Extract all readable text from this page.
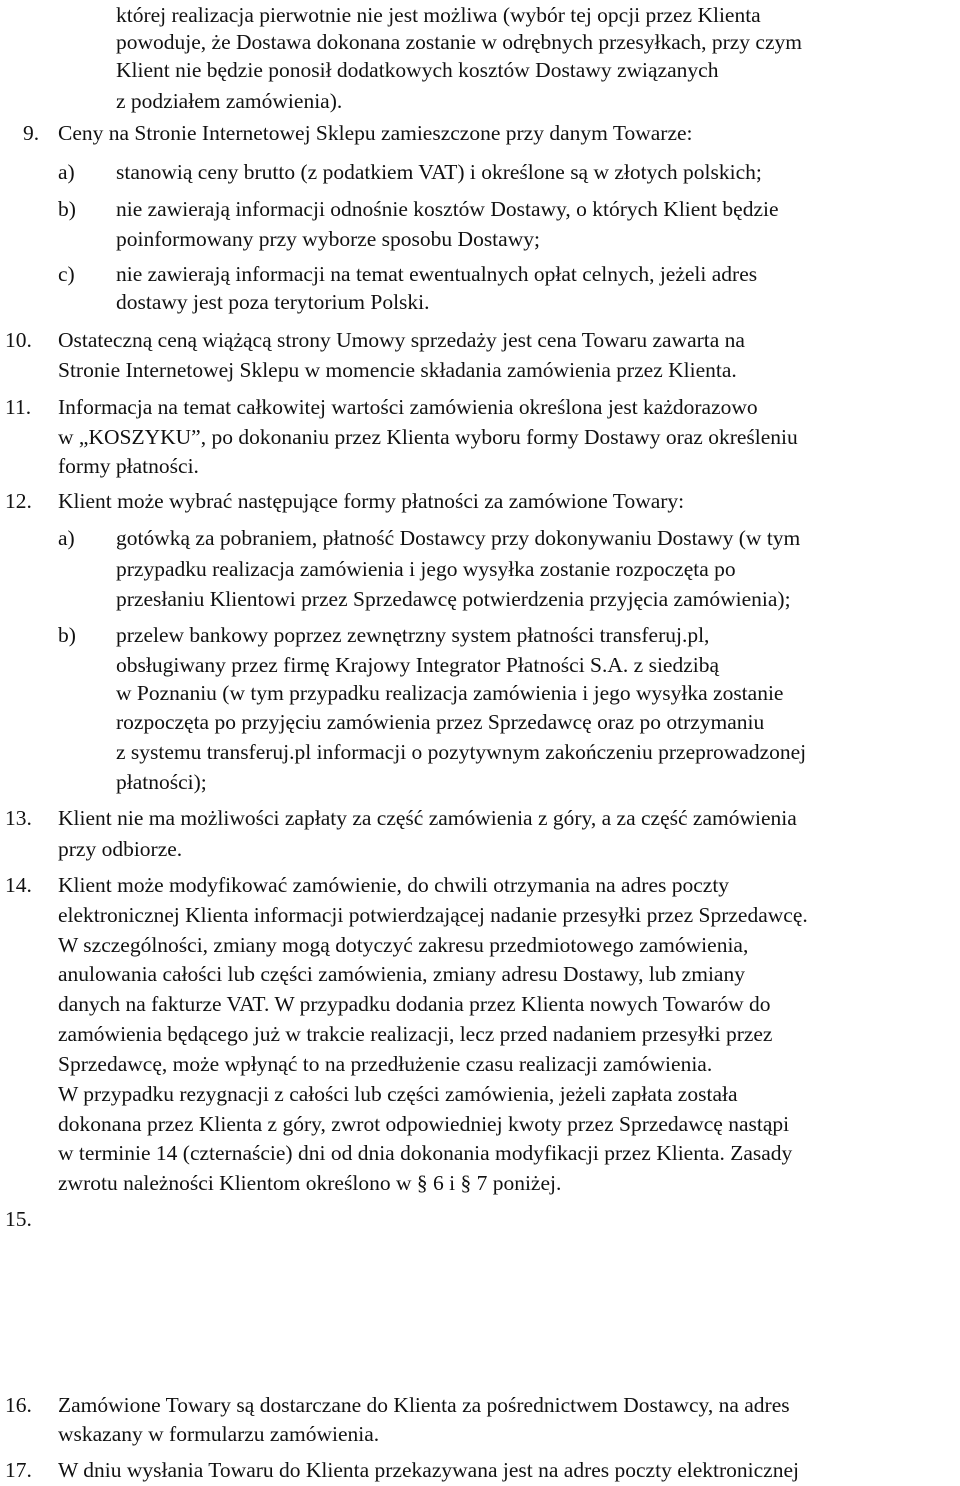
której realizacja pierwotnie nie jest możliwa (wybór tej opcji przez Klienta
powoduje, że Dostawa dokonana zostanie w odrębnych przesyłkach, przy czym
Klient nie będzie ponosił dodatkowych kosztów Dostawy związanych
z podziałem zamówienia).
9. Ceny na Stronie Internetowej Sklepu zamieszczone przy danym Towarze:
a) stanowią ceny brutto (z podatkiem VAT) i określone są w złotych polskich;
b) nie zawierają informacji odnośnie kosztów Dostawy, o których Klient będzie
poinformowany przy wyborze sposobu Dostawy;
c) nie zawierają informacji na temat ewentualnych opłat celnych, jeżeli adres
dostawy jest poza terytorium Polski.
10. Ostateczną ceną wiążącą strony Umowy sprzedaży jest cena Towaru zawarta na
Stronie Internetowej Sklepu w momencie składania zamówienia przez Klienta.
11. Informacja na temat całkowitej wartości zamówienia określona jest każdorazowo
w „KOSZYKU”, po dokonaniu przez Klienta wyboru formy Dostawy oraz określeniu
formy płatności.
12. Klient może wybrać następujące formy płatności za zamówione Towary:
a) gotówką za pobraniem, płatność Dostawcy przy dokonywaniu Dostawy (w tym
przypadku realizacja zamówienia i jego wysyłka zostanie rozpoczęta po
przesłaniu Klientowi przez Sprzedawcę potwierdzenia przyjęcia zamówienia);
b) przelew bankowy poprzez zewnętrzny system płatności transferuj.pl,
obsługiwany przez firmę Krajowy Integrator Płatności S.A. z siedzibą
w Poznaniu (w tym przypadku realizacja zamówienia i jego wysyłka zostanie
rozpoczęta po przyjęciu zamówienia przez Sprzedawcę oraz po otrzymaniu
z systemu transferuj.pl informacji o pozytywnym zakończeniu przeprowadzonej
płatności);
13. Klient nie ma możliwości zapłaty za część zamówienia z góry, a za część zamówienia
przy odbiorze.
14. Klient może modyfikować zamówienie, do chwili otrzymania na adres poczty
elektronicznej Klienta informacji potwierdzającej nadanie przesyłki przez Sprzedawcę.
W szczególności, zmiany mogą dotyczyć zakresu przedmiotowego zamówienia,
anulowania całości lub części zamówienia, zmiany adresu Dostawy, lub zmiany
danych na fakturze VAT. W przypadku dodania przez Klienta nowych Towarów do
zamówienia będącego już w trakcie realizacji, lecz przed nadaniem przesyłki przez
Sprzedawcę, może wpłynąć to na przedłużenie czasu realizacji zamówienia.
W przypadku rezygnacji z całości lub części zamówienia, jeżeli zapłata została
dokonana przez Klienta z góry, zwrot odpowiedniej kwoty przez Sprzedawcę nastąpi
w terminie 14 (czternaście) dni od dnia dokonania modyfikacji przez Klienta. Zasady
zwrotu należności Klientom określono w § 6 i § 7 poniżej.
15.
16. Zamówione Towary są dostarczane do Klienta za pośrednictwem Dostawcy, na adres
wskazany w formularzu zamówienia.
17. W dniu wysłania Towaru do Klienta przekazywana jest na adres poczty elektronicznej
